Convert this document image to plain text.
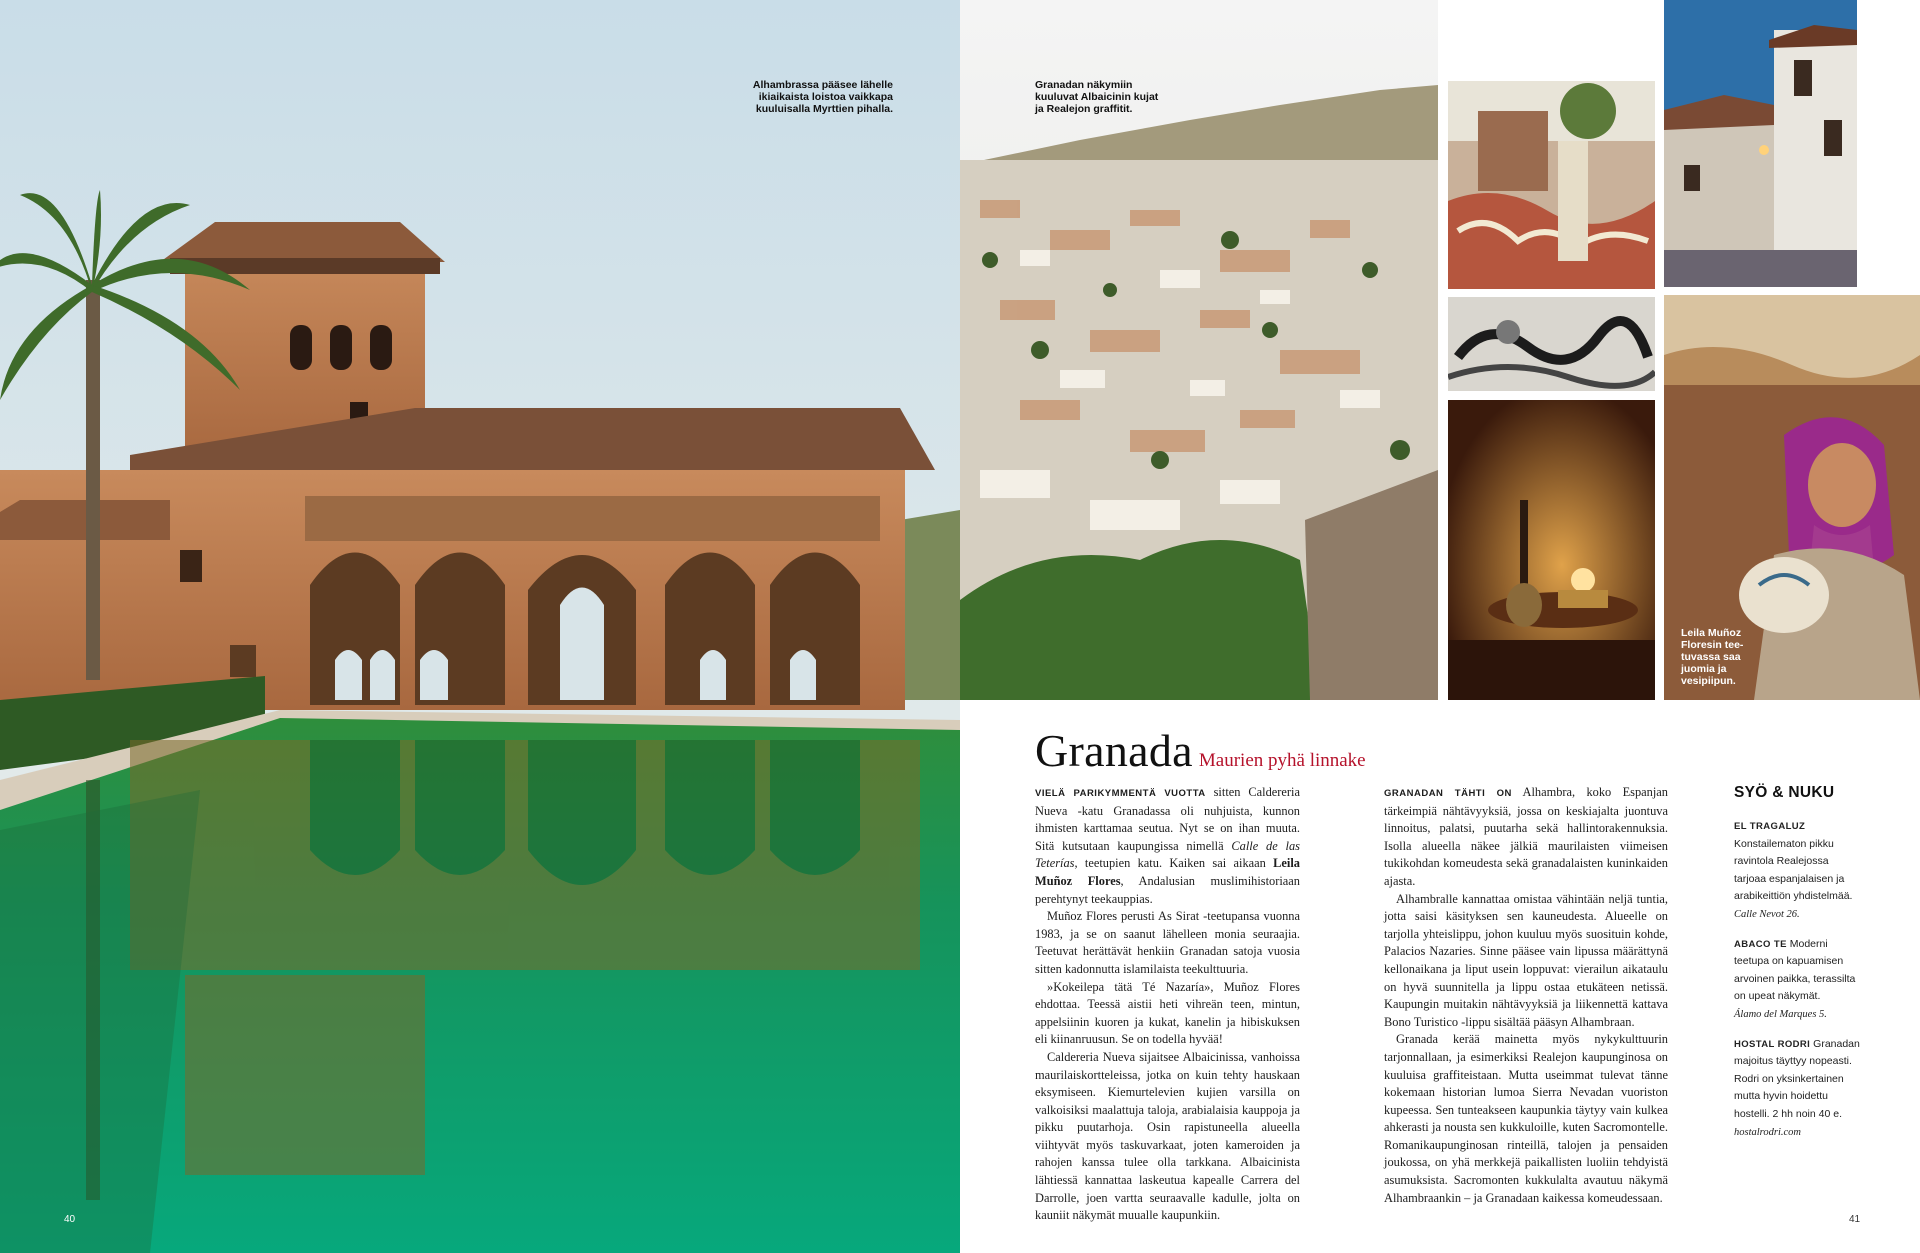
Alhambrassa pääsee lähelle
ikiaikaista loistoa vaikkapa
kuuluisalla Myrttien pihalla.
40
Granadan näkymiin
kuuluvat Albaicinin kujat
ja Realejon graffitit.
Leila Muñoz
Floresin tee-
tuvassa saa
juomia ja
vesipiipun.
Granada Maurien pyhä linnake

VIELÄ PARIKYMMENTÄ VUOTTA sitten Caldereria Nueva -katu Granadassa oli nuhjuista, kunnon ihmisten karttamaa seutua. Nyt se on ihan muuta. Sitä kutsutaan kaupungissa nimellä Calle de las Teterías, teetupien katu. Kaiken sai aikaan Leila Muñoz Flores, Andalusian muslimihistoriaan perehtynyt teekauppias.

Muñoz Flores perusti As Sirat -teetupansa vuonna 1983, ja se on saanut lähelleen monia seuraajia. Teetuvat herättävät henkiin Granadan satoja vuosia sitten kadonnutta islamilaista teekulttuuria.

»Kokeilepa tätä Té Nazaría», Muñoz Flores ehdottaa. Teessä aistii heti vihreän teen, mintun, appelsiinin kuoren ja kukat, kanelin ja hibiskuksen eli kiinanruusun. Se on todella hyvää!

Caldereria Nueva sijaitsee Albaicinissa, vanhoissa maurilaiskortteleissa, jotka on kuin tehty hauskaan eksymiseen. Kiemurtelevien kujien varsilla on valkoisiksi maalattuja taloja, arabialaisia kauppoja ja pikku puutarhoja. Osin rapistuneella alueella viihtyvät myös taskuvarkaat, joten kameroiden ja rahojen kanssa tulee olla tarkkana. Albaicinista lähtiessä kannattaa laskeutua kapealle Carrera del Darrolle, joen vartta seuraavalle kadulle, jolta on kauniit näkymät muualle kaupunkiin.

GRANADAN TÄHTI ON Alhambra, koko Espanjan tärkeimpiä nähtävyyksiä, jossa on keskiajalta juontuva linnoitus, palatsi, puutarha sekä hallintorakennuksia. Isolla alueella näkee jälkiä maurilaisten viimeisen tukikohdan komeudesta sekä granadalaisten kuninkaiden ajasta.

Alhambralle kannattaa omistaa vähintään neljä tuntia, jotta saisi käsityksen sen kauneudesta. Alueelle on tarjolla yhteislippu, johon kuuluu myös suosituin kohde, Palacios Nazaries. Sinne pääsee vain lipussa määrättynä kellonaikana ja liput usein loppuvat: vierailun aikataulu on hyvä suunnitella ja lippu ostaa etukäteen netissä. Kaupungin muitakin nähtävyyksiä ja liikennettä kattava Bono Turistico -lippu sisältää pääsyn Alhambraan.

Granada kerää mainetta myös nykykulttuurin tarjonnallaan, ja esimerkiksi Realejon kaupunginosa on kuuluisa graffiteistaan. Mutta useimmat tulevat tänne kokemaan historian lumoa Sierra Nevadan vuoriston kupeessa. Sen tunteakseen kaupunkia täytyy vain kulkea ahkerasti ja nousta sen kukkuloille, kuten Sacromontelle. Romanikaupunginosan rinteillä, talojen ja pensaiden joukossa, on yhä merkkejä paikallisten luoliin tehdyistä asumuksista. Sacromonten kukkulalta avautuu näkymä Alhambraankin – ja Granadaan kaikessa komeudessaan.

SYÖ & NUKU
EL TRAGALUZ Konstailematon pikku ravintola Realejossa tarjoaa espanjalaisen ja arabikeittiön yhdistelmää.
Calle Nevot 26.
ABACO TE Moderni teetupa on kapuamisen arvoinen paikka, terassilta on upeat näkymät.
Álamo del Marques 5.
HOSTAL RODRI Granadan majoitus täyttyy nopeasti. Rodri on yksinkertainen mutta hyvin hoidettu hostelli. 2 hh noin 40 e.
hostalrodri.com
41
